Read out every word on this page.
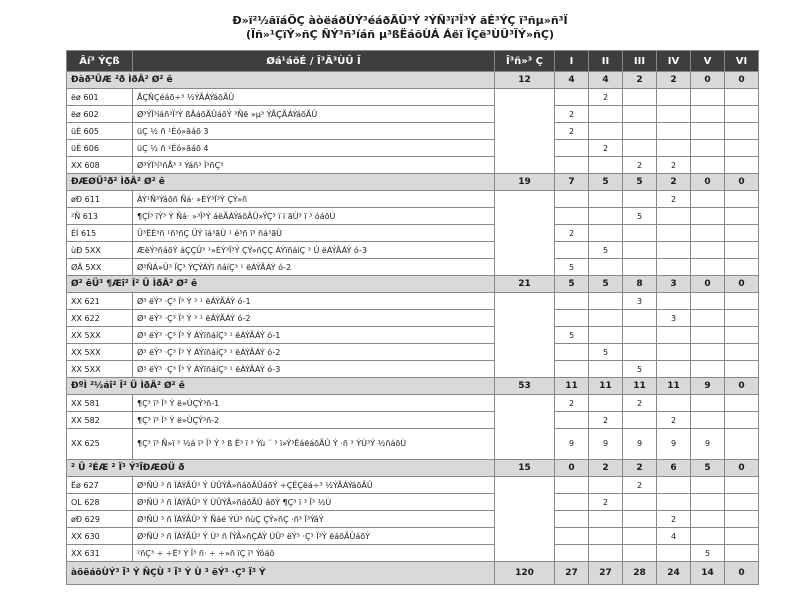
Ð»ï²½ãïáÕÇ àòëáðÙÝ³éáðÃÛ³Ý ²ÝÑ³ï³Ï³Ý ãÉ³ÝÇ ï³ñµ»ñ³Ï
(Ïñ»¹ÇïÝ»ñÇ ÑÝ³ñ³íáñ µ³ßËáõÙÁ Áëï ÏÇë³ÙÛ³ÏÝ»ñÇ)
Âí³ ÝÇß	Øá¹áõÉ / Î³Ã³ÙÛ Ï	Î³ñ»³ Ç	I	II	III	IV	V	VI
Ðàð³ÛÆ ²ð ÌðÂ² Ø² ê		12	4	4	2	2	0	0
ëø 601	ÅÇÑÇéáõ÷³ ½ÝÃÁÝáõÃÛ			2				
ëø 602	Ø³ÝÏ³íáñ³Ï³Ý ßÃáõÃÛáõÝ ³Ñë »µ³ ÝÃÇÃÁÝáõÃÛ		2					
üÈ 605	üÇ ½ ñ ¹Éó»ãáõ 3		2					
üÈ 606	üÇ ½ ñ ¹Éó»ãáõ 4			2				
XX 608	Ø³ÝÏ³í³ñÅ³ ³ Ýáñ³ Ï³ñÇ³				2	2		
ÐÆØÜ³ð² ÌðÂ² Ø² ê		19	7	5	5	2	0	0
øÐ 611	ÀÝ¹Ñ³Ýáõñ Ñá· »ÉÝ³Ï³Ý ÇÝ»ñ					2		
²Ñ 613	¶ÇÍ³ ïÝ³ Ý Ñá· »³Ï³Ý áëÃÁÝáõÃÛ»ÝÇ³ ï ï ãÙ³ ï ³ óáõÙ				5			
ÉÍ 615	Ü³ËÉ³ñ ¹ñ³ñÇ ÜÝ ïá³ãÙ ¹ é³ñ ï³ ñá³ãÙ		2					
ùÐ 5XX	ÆëÝ³ñáõÝ áÇÇÛ³ ¹»ÉÝ³Ï³Ý ÇÝ»ñÇÇ ÁÝïñáíÇ ³ Û ëÁÝÃÁÝ ó-3			5				
ØÄ 5XX	Ø³ÑÁ»Ü³ ÏÇ³ ÝÇÝÁÝï ñáíÇ³ ¹ ëÁÝÃÁÝ ó-2		5					
Ø² êÜ³ ¶Æî² Î² Ü ÌðÂ² Ø² ê		21	5	5	8	3	0	0
XX 621	Ø³ ëÝ³ ·Ç³ Ï³ Ý ³ ¹ ëÁÝÃÁÝ ó-1				3			
XX 622	Ø³ ëÝ³ ·Ç³ Ï³ Ý ³ ¹ ëÁÝÃÁÝ ó-2					3		
XX 5XX	Ø³ ëÝ³ ·Ç³ Ï³ Ý ÁÝïñáíÇ³ ¹ ëÁÝÃÁÝ ó-1		5					
XX 5XX	Ø³ ëÝ³ ·Ç³ Ï³ Ý ÁÝïñáíÇ³ ¹ ëÁÝÃÁÝ ó-2			5				
XX 5XX	Ø³ ëÝ³ ·Ç³ Ï³ Ý ÁÝïñáíÇ³ ¹ ëÁÝÃÁÝ ó-3				5			
ÐºÌ ²½áî² Î² Ü ÌðÂ² Ø² ê		53	11	11	11	11	9	0
XX 581	¶Ç³ ï³ Ï³ Ý ë»ÙÇÝ³ñ-1		2		2			
XX 582	¶Ç³ ï³ Ï³ Ý ë»ÙÇÝ³ñ-2			2		2		
XX 625	¶Ç³ ï³ Ñ»ï ³ ½á ï³ Ï³ Ý ³ ß Ë³ ï ³ Ýù ¨ ³ ï»Ý³ËáëáõÃÛ Ý ·ñ ³ ÝÙ³Ý ½ñáõÙ		9	9	9	9	9	
² Ü ²ÉÆ ² Ï³ Ý³ÏÐÆØÜ ð		15	0	2	2	6	5	0
Ëø 627	Ø³ÑÙ ³ ñ ÏÁÝÃÛ³ Ý ÙÛÝÃ»ñáõÃÛáõÝ ÷ÇÉÇëá÷³ ½ÝÃÁÝáõÃÛ				2			
OL 628	Ø³ÑÙ ³ ñ ÏÁÝÃÛ³ Ý ÙÛÝÃ»ñáõÃÛ áõÝ ¶Ç³ ï ³ Ï³ ½Ù			2				
øÐ 629	Ø³ÑÙ ³ ñ ÏÁÝÃÛ³ Ý Ñáë ÝÙ³ ñùÇ ÇÝ»ñÇ ·ñ³ Ï³ÝáÝ					2		
XX 630	Ø³ÑÙ ³ ñ ÏÁÝÃÛ³ Ý Ù³ ñ ÏÝÃ»ñÇÁÝ ÙÛ³ ëÝ³ ·Ç³ Ï³Ý ëáõÃÛáõÝ					4		
XX 631	²ñÇ³ ÷ ÷Ë³ Ý Ï³ ñ· ÷ ÷»ñ ïÇ ï³ Ýóáõ						5	
àõëáõÙÝ³ Ï³ Ý ÑÇÙ ³ Ï³ Ý Ù ³ ëÝ³ ·Ç³ Ï³ Ý		120	27	27	28	24	14	0
